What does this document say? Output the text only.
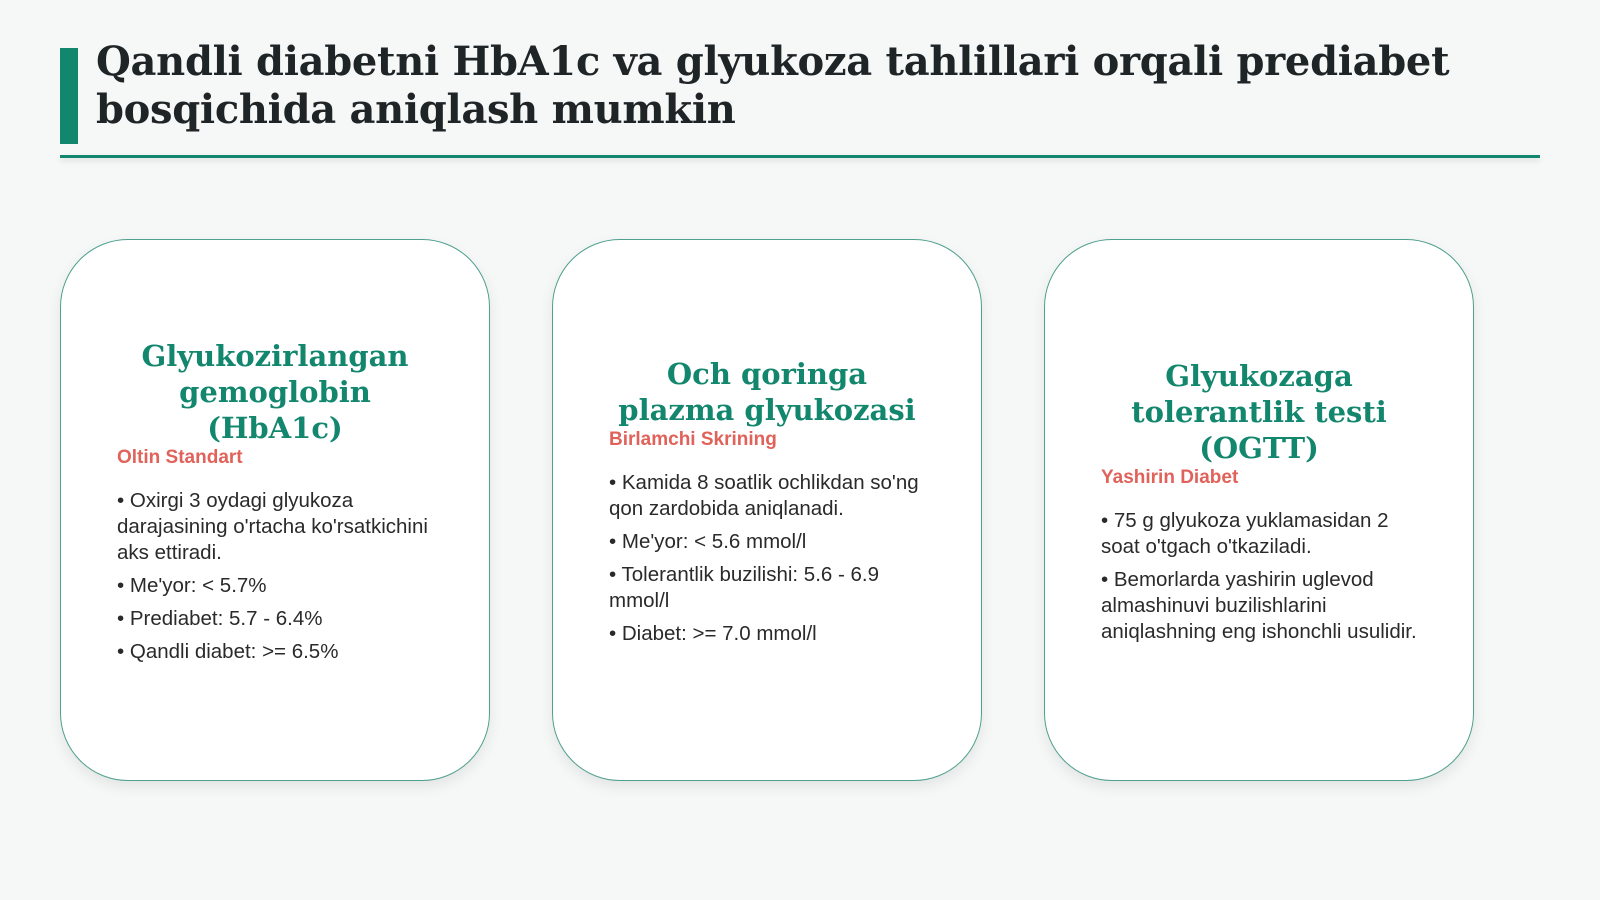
Qandli diabetni HbA1c va glyukoza tahlillari orqali prediabet bosqichida aniqlash mumkin
Glyukozirlangan gemoglobin (HbA1c)
Oltin Standart
• Oxirgi 3 oydagi glyukoza darajasining o'rtacha ko'rsatkichini aks ettiradi.
• Me'yor: < 5.7%
• Prediabet: 5.7 - 6.4%
• Qandli diabet: >= 6.5%
Och qoringa plazma glyukozasi
Birlamchi Skrining
• Kamida 8 soatlik ochlikdan so'ng qon zardobida aniqlanadi.
• Me'yor: < 5.6 mmol/l
• Tolerantlik buzilishi: 5.6 - 6.9 mmol/l
• Diabet: >= 7.0 mmol/l
Glyukozaga tolerantlik testi (OGTT)
Yashirin Diabet
• 75 g glyukoza yuklamasidan 2 soat o'tgach o'tkaziladi.
• Bemorlarda yashirin uglevod almashinuvi buzilishlarini aniqlashning eng ishonchli usulidir.
